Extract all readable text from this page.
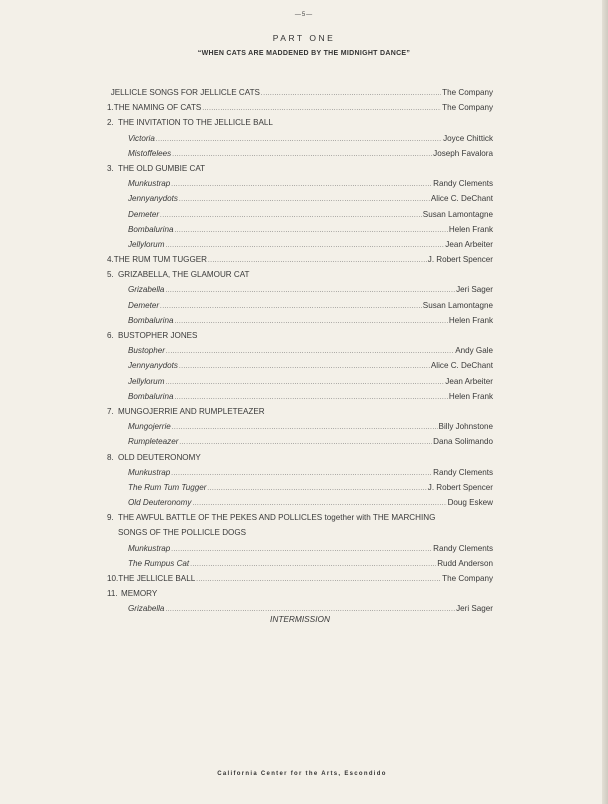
—5—
PART ONE
“WHEN CATS ARE MADDENED BY THE MIDNIGHT DANCE”
JELLICLE SONGS FOR JELLICLE CATS .....	The Company
1. THE NAMING OF CATS .....	The Company
2. THE INVITATION TO THE JELLICLE BALL
Victoria .....	Joyce Chittick
Mistoffelees .....	Joseph Favalora
3. THE OLD GUMBIE CAT
Munkustrap .....	Randy Clements
Jennyanydots .....	Alice C. DeChant
Demeter .....	Susan Lamontagne
Bombalurina .....	Helen Frank
Jellylorum .....	Jean Arbeiter
4. THE RUM TUM TUGGER .....	J. Robert Spencer
5. GRIZABELLA, THE GLAMOUR CAT
Grizabella .....	Jeri Sager
Demeter .....	Susan Lamontagne
Bombalurina .....	Helen Frank
6. BUSTOPHER JONES
Bustopher .....	Andy Gale
Jennyanydots .....	Alice C. DeChant
Jellylorum .....	Jean Arbeiter
Bombalurina .....	Helen Frank
7. MUNGOJERRIE AND RUMPLETEAZER
Mungojerrie .....	Billy Johnstone
Rumpleteazer .....	Dana Solimando
8. OLD DEUTERONOMY
Munkustrap .....	Randy Clements
The Rum Tum Tugger .....	J. Robert Spencer
Old Deuteronomy .....	Doug Eskew
9. THE AWFUL BATTLE OF THE PEKES AND POLLICLES together with THE MARCHING
SONGS OF THE POLLICLE DOGS
Munkustrap .....	Randy Clements
The Rumpus Cat .....	Rudd Anderson
10. THE JELLICLE BALL .....	The Company
11. MEMORY
Grizabella .....	Jeri Sager
INTERMISSION
California Center for the Arts, Escondido
